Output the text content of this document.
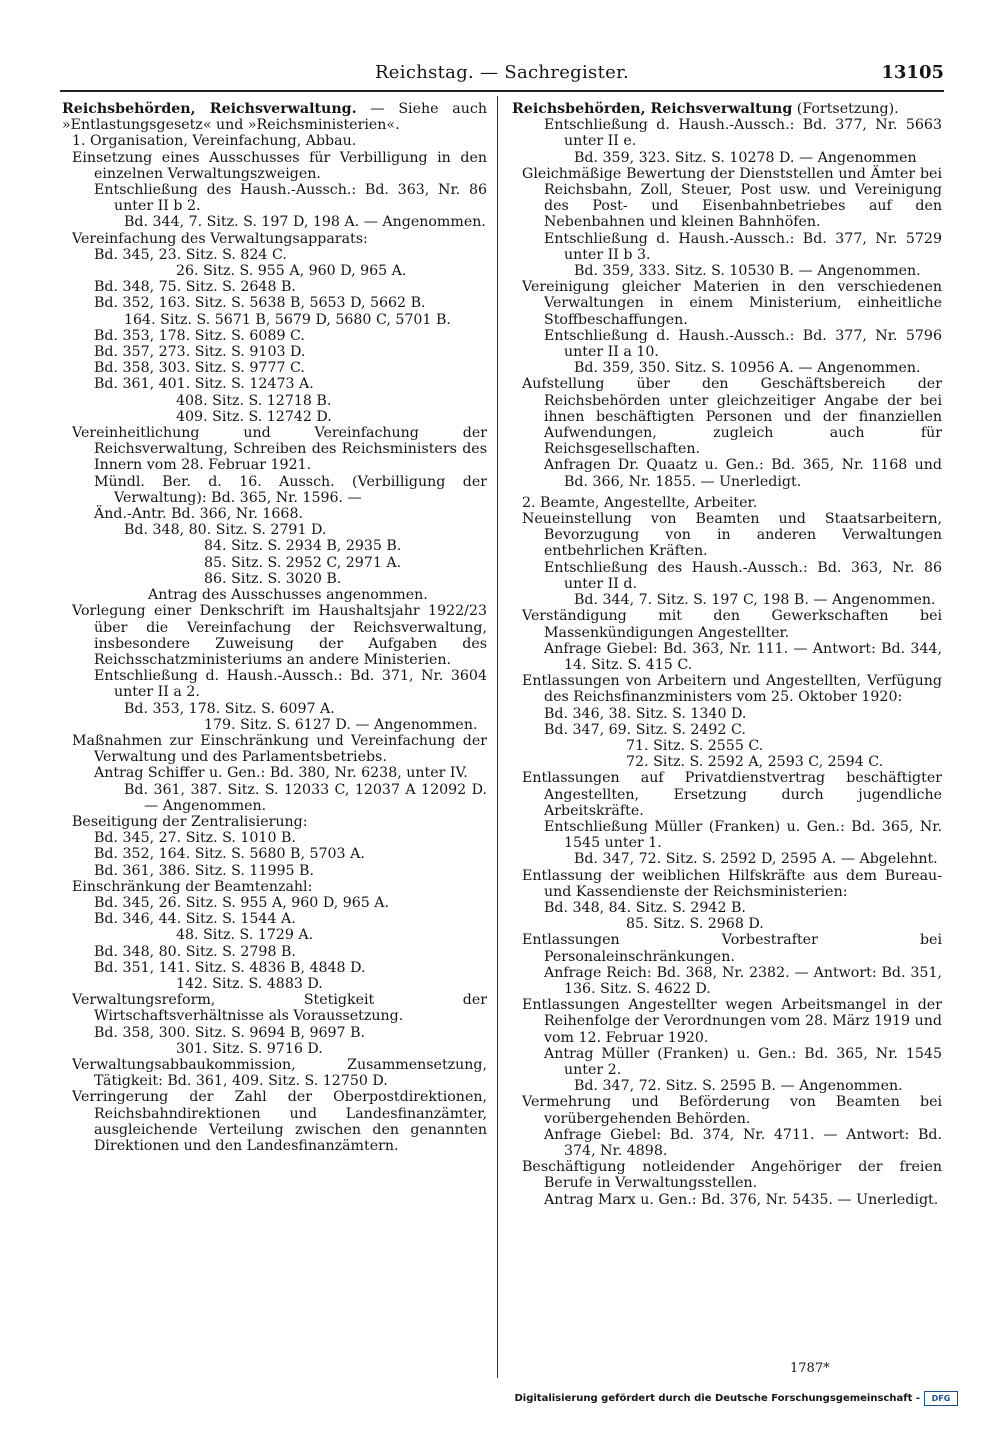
Reichstag. — Sachregister.	13105

Reichsbehörden, Reichsverwaltung. — Siehe auch »Entlastungsgesetz« und »Reichsministerien«.

1. Organisation, Vereinfachung, Abbau.

Einsetzung eines Ausschusses für Verbilligung in den einzelnen Verwaltungszweigen.

Entschließung des Haush.-Aussch.: Bd. 363, Nr. 86 unter II b 2.

Bd. 344, 7. Sitz. S. 197 D, 198 A. — Angenommen.

Vereinfachung des Verwaltungsapparats:

Bd. 345, 23. Sitz. S. 824 C.

26. Sitz. S. 955 A, 960 D, 965 A.

Bd. 348, 75. Sitz. S. 2648 B.

Bd. 352, 163. Sitz. S. 5638 B, 5653 D, 5662 B.

164. Sitz. S. 5671 B, 5679 D, 5680 C, 5701 B.

Bd. 353, 178. Sitz. S. 6089 C.

Bd. 357, 273. Sitz. S. 9103 D.

Bd. 358, 303. Sitz. S. 9777 C.

Bd. 361, 401. Sitz. S. 12473 A.

408. Sitz. S. 12718 B.

409. Sitz. S. 12742 D.

Vereinheitlichung und Vereinfachung der Reichsverwaltung, Schreiben des Reichsministers des Innern vom 28. Februar 1921.

Mündl. Ber. d. 16. Aussch. (Verbilligung der Verwaltung): Bd. 365, Nr. 1596. —

Änd.-Antr. Bd. 366, Nr. 1668.

Bd. 348, 80. Sitz. S. 2791 D.

84. Sitz. S. 2934 B, 2935 B.

85. Sitz. S. 2952 C, 2971 A.

86. Sitz. S. 3020 B.

Antrag des Ausschusses angenommen.

Vorlegung einer Denkschrift im Haushaltsjahr 1922/23 über die Vereinfachung der Reichsverwaltung, insbesondere Zuweisung der Aufgaben des Reichsschatzministeriums an andere Ministerien.

Entschließung d. Haush.-Aussch.: Bd. 371, Nr. 3604 unter II a 2.

Bd. 353, 178. Sitz. S. 6097 A.

179. Sitz. S. 6127 D. — Angenommen.

Maßnahmen zur Einschränkung und Vereinfachung der Verwaltung und des Parlamentsbetriebs.

Antrag Schiffer u. Gen.: Bd. 380, Nr. 6238, unter IV.

Bd. 361, 387. Sitz. S. 12033 C, 12037 A 12092 D. — Angenommen.

Beseitigung der Zentralisierung:

Bd. 345, 27. Sitz. S. 1010 B.

Bd. 352, 164. Sitz. S. 5680 B, 5703 A.

Bd. 361, 386. Sitz. S. 11995 B.

Einschränkung der Beamtenzahl:

Bd. 345, 26. Sitz. S. 955 A, 960 D, 965 A.

Bd. 346, 44. Sitz. S. 1544 A.

48. Sitz. S. 1729 A.

Bd. 348, 80. Sitz. S. 2798 B.

Bd. 351, 141. Sitz. S. 4836 B, 4848 D.

142. Sitz. S. 4883 D.

Verwaltungsreform, Stetigkeit der Wirtschaftsverhältnisse als Voraussetzung.

Bd. 358, 300. Sitz. S. 9694 B, 9697 B.

301. Sitz. S. 9716 D.

Verwaltungsabbaukommission, Zusammensetzung, Tätigkeit: Bd. 361, 409. Sitz. S. 12750 D.

Verringerung der Zahl der Oberpostdirektionen, Reichsbahndirektionen und Landesfinanzämter, ausgleichende Verteilung zwischen den genannten Direktionen und den Landesfinanzämtern.

Reichsbehörden, Reichsverwaltung (Fortsetzung).

Entschließung d. Haush.-Aussch.: Bd. 377, Nr. 5663 unter II e.

Bd. 359, 323. Sitz. S. 10278 D. — Angenommen

Gleichmäßige Bewertung der Dienststellen und Ämter bei Reichsbahn, Zoll, Steuer, Post usw. und Vereinigung des Post- und Eisenbahnbetriebes auf den Nebenbahnen und kleinen Bahnhöfen.

Entschließung d. Haush.-Aussch.: Bd. 377, Nr. 5729 unter II b 3.

Bd. 359, 333. Sitz. S. 10530 B. — Angenommen.

Vereinigung gleicher Materien in den verschiedenen Verwaltungen in einem Ministerium, einheitliche Stoffbeschaffungen.

Entschließung d. Haush.-Aussch.: Bd. 377, Nr. 5796 unter II a 10.

Bd. 359, 350. Sitz. S. 10956 A. — Angenommen.

Aufstellung über den Geschäftsbereich der Reichsbehörden unter gleichzeitiger Angabe der bei ihnen beschäftigten Personen und der finanziellen Aufwendungen, zugleich auch für Reichsgesellschaften.

Anfragen Dr. Quaatz u. Gen.: Bd. 365, Nr. 1168 und Bd. 366, Nr. 1855. — Unerledigt.

2. Beamte, Angestellte, Arbeiter.

Neueinstellung von Beamten und Staatsarbeitern, Bevorzugung von in anderen Verwaltungen entbehrlichen Kräften.

Entschließung des Haush.-Aussch.: Bd. 363, Nr. 86 unter II d.

Bd. 344, 7. Sitz. S. 197 C, 198 B. — Angenommen.

Verständigung mit den Gewerkschaften bei Massenkündigungen Angestellter.

Anfrage Giebel: Bd. 363, Nr. 111. — Antwort: Bd. 344, 14. Sitz. S. 415 C.

Entlassungen von Arbeitern und Angestellten, Verfügung des Reichsfinanzministers vom 25. Oktober 1920:

Bd. 346, 38. Sitz. S. 1340 D.

Bd. 347, 69. Sitz. S. 2492 C.

71. Sitz. S. 2555 C.

72. Sitz. S. 2592 A, 2593 C, 2594 C.

Entlassungen auf Privatdienstvertrag beschäftigter Angestellten, Ersetzung durch jugendliche Arbeitskräfte.

Entschließung Müller (Franken) u. Gen.: Bd. 365, Nr. 1545 unter 1.

Bd. 347, 72. Sitz. S. 2592 D, 2595 A. — Abgelehnt.

Entlassung der weiblichen Hilfskräfte aus dem Bureau- und Kassendienste der Reichsministerien:

Bd. 348, 84. Sitz. S. 2942 B.

85. Sitz. S. 2968 D.

Entlassungen Vorbestrafter bei Personaleinschränkungen.

Anfrage Reich: Bd. 368, Nr. 2382. — Antwort: Bd. 351, 136. Sitz. S. 4622 D.

Entlassungen Angestellter wegen Arbeitsmangel in der Reihenfolge der Verordnungen vom 28. März 1919 und vom 12. Februar 1920.

Antrag Müller (Franken) u. Gen.: Bd. 365, Nr. 1545 unter 2.

Bd. 347, 72. Sitz. S. 2595 B. — Angenommen.

Vermehrung und Beförderung von Beamten bei vorübergehenden Behörden.

Anfrage Giebel: Bd. 374, Nr. 4711. — Antwort: Bd. 374, Nr. 4898.

Beschäftigung notleidender Angehöriger der freien Berufe in Verwaltungsstellen.

Antrag Marx u. Gen.: Bd. 376, Nr. 5435. — Unerledigt.

1787*
Digitalisierung gefördert durch die Deutsche Forschungsgemeinschaft -	DFG
